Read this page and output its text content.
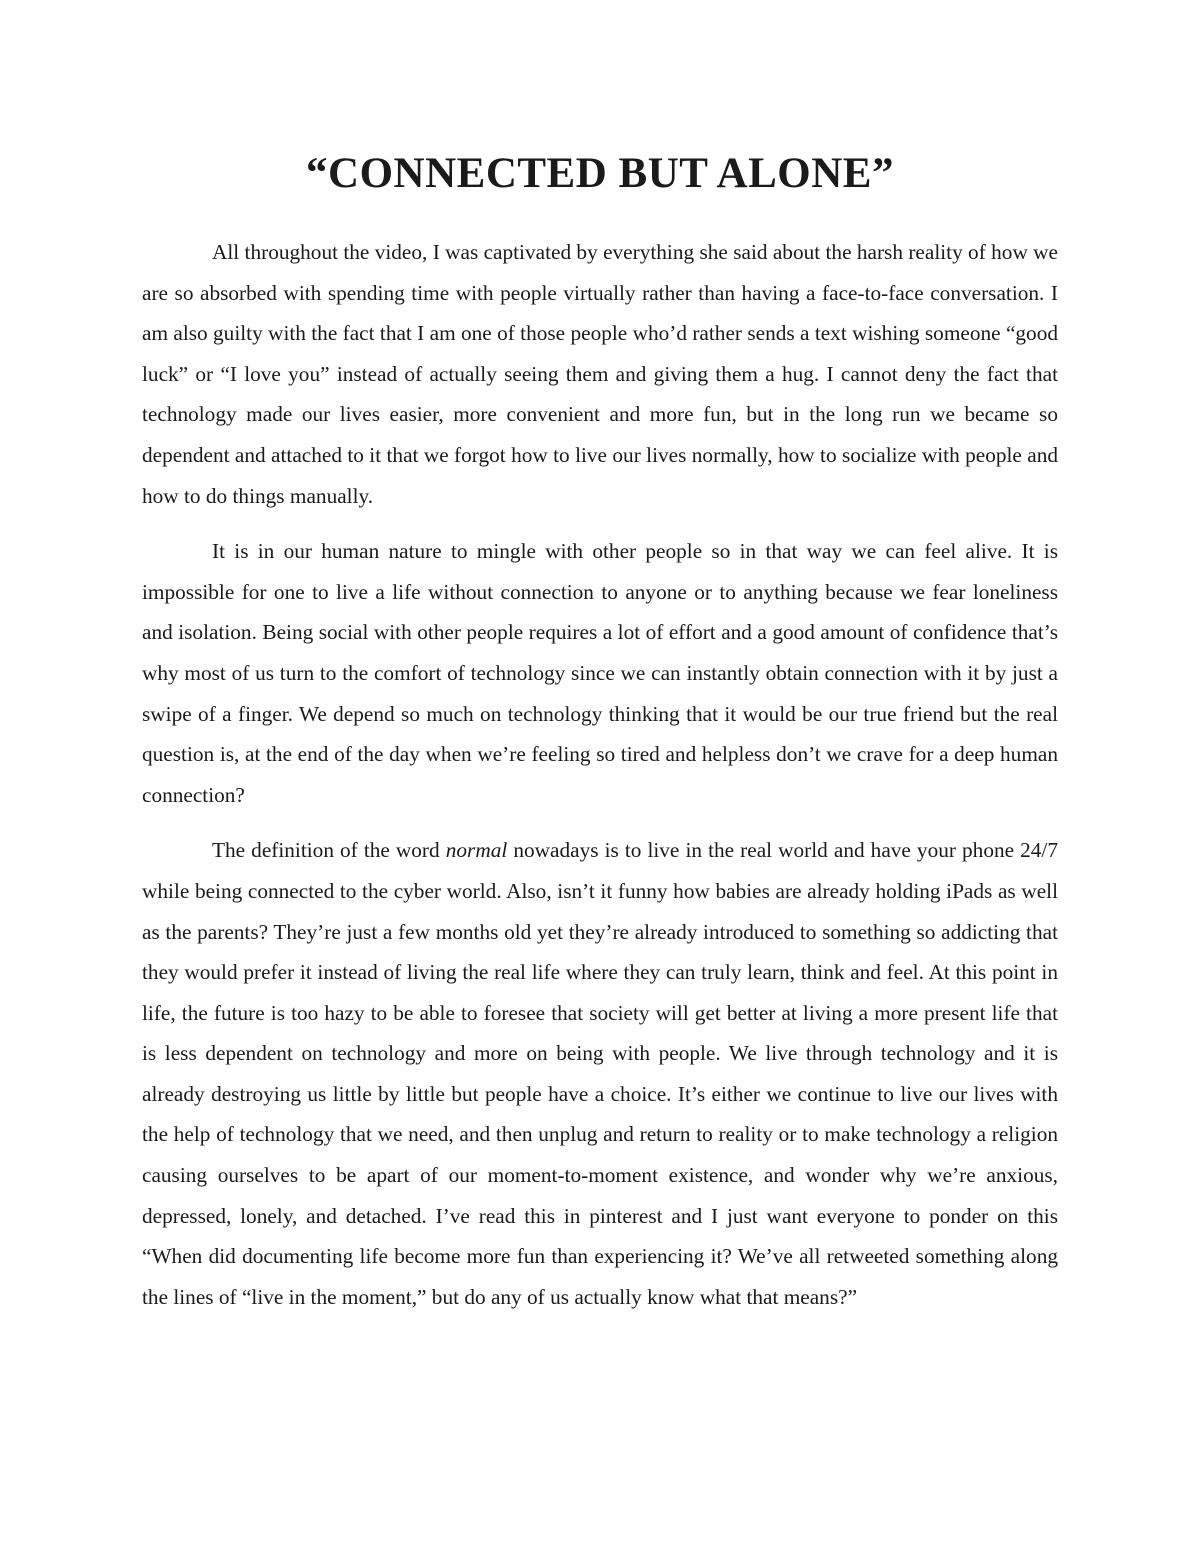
“CONNECTED BUT ALONE”

All throughout the video, I was captivated by everything she said about the harsh reality of how we are so absorbed with spending time with people virtually rather than having a face-to-face conversation. I am also guilty with the fact that I am one of those people who’d rather sends a text wishing someone “good luck” or “I love you” instead of actually seeing them and giving them a hug. I cannot deny the fact that technology made our lives easier, more convenient and more fun, but in the long run we became so dependent and attached to it that we forgot how to live our lives normally, how to socialize with people and how to do things manually.

It is in our human nature to mingle with other people so in that way we can feel alive. It is impossible for one to live a life without connection to anyone or to anything because we fear loneliness and isolation. Being social with other people requires a lot of effort and a good amount of confidence that’s why most of us turn to the comfort of technology since we can instantly obtain connection with it by just a swipe of a finger. We depend so much on technology thinking that it would be our true friend but the real question is, at the end of the day when we’re feeling so tired and helpless don’t we crave for a deep human connection?

The definition of the word normal nowadays is to live in the real world and have your phone 24/7 while being connected to the cyber world. Also, isn’t it funny how babies are already holding iPads as well as the parents? They’re just a few months old yet they’re already introduced to something so addicting that they would prefer it instead of living the real life where they can truly learn, think and feel. At this point in life, the future is too hazy to be able to foresee that society will get better at living a more present life that is less dependent on technology and more on being with people. We live through technology and it is already destroying us little by little but people have a choice. It’s either we continue to live our lives with the help of technology that we need, and then unplug and return to reality or to make technology a religion causing ourselves to be apart of our moment-to-moment existence, and wonder why we’re anxious, depressed, lonely, and detached. I’ve read this in pinterest and I just want everyone to ponder on this “When did documenting life become more fun than experiencing it? We’ve all retweeted something along the lines of “live in the moment,” but do any of us actually know what that means?”
